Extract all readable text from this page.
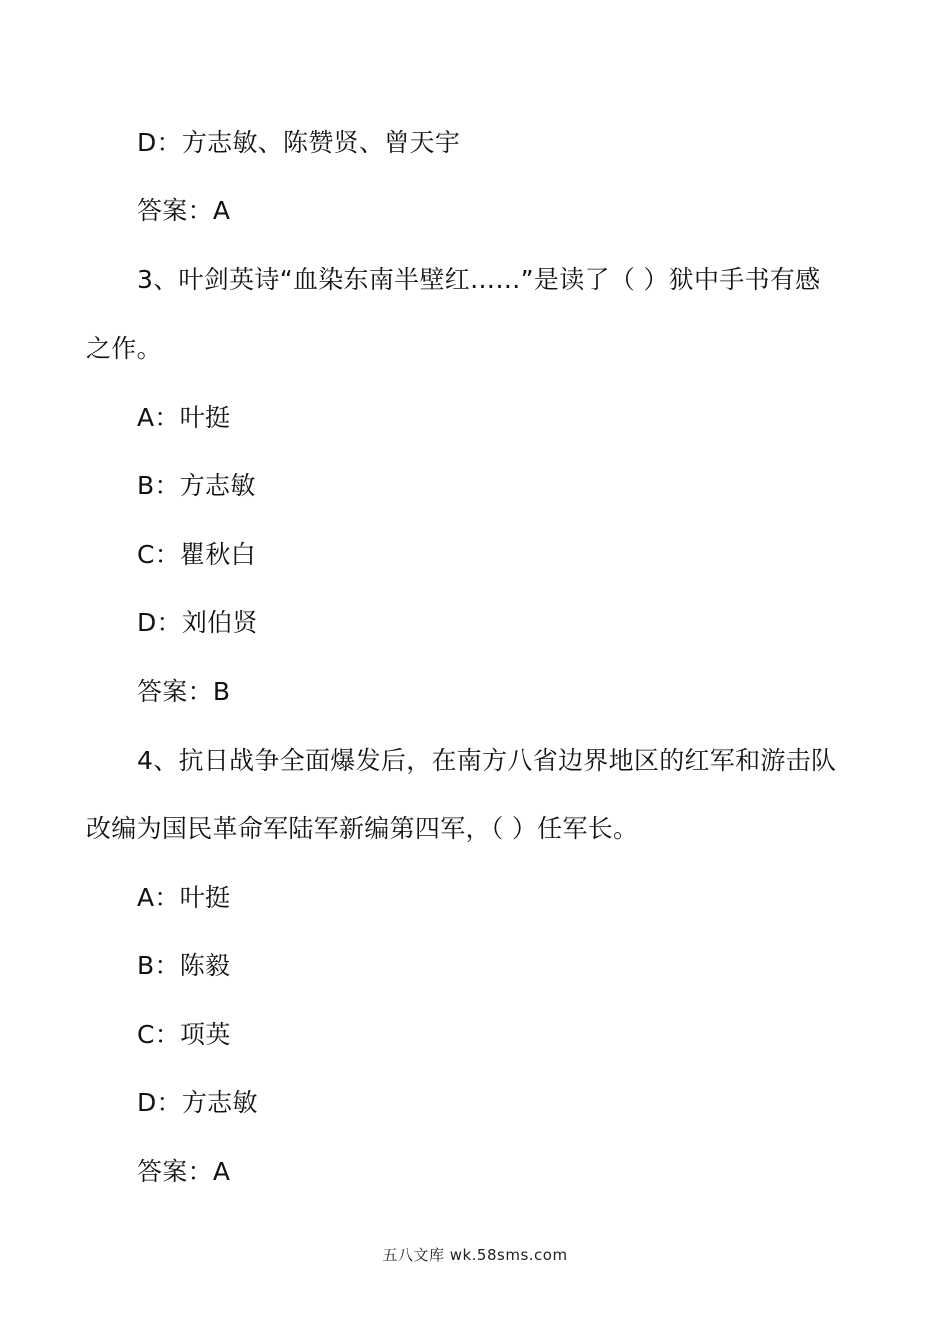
D：方志敏、陈赞贤、曾天宇
答案：A
3、叶剑英诗“血染东南半壁红……”是读了（ ）狱中手书有感
之作。
A：叶挺
B：方志敏
C：瞿秋白
D：刘伯贤
答案：B
4、抗日战争全面爆发后，在南方八省边界地区的红军和游击队
改编为国民革命军陆军新编第四军，（ ）任军长。
A：叶挺
B：陈毅
C：项英
D：方志敏
答案：A
五八文库 wk.58sms.com
